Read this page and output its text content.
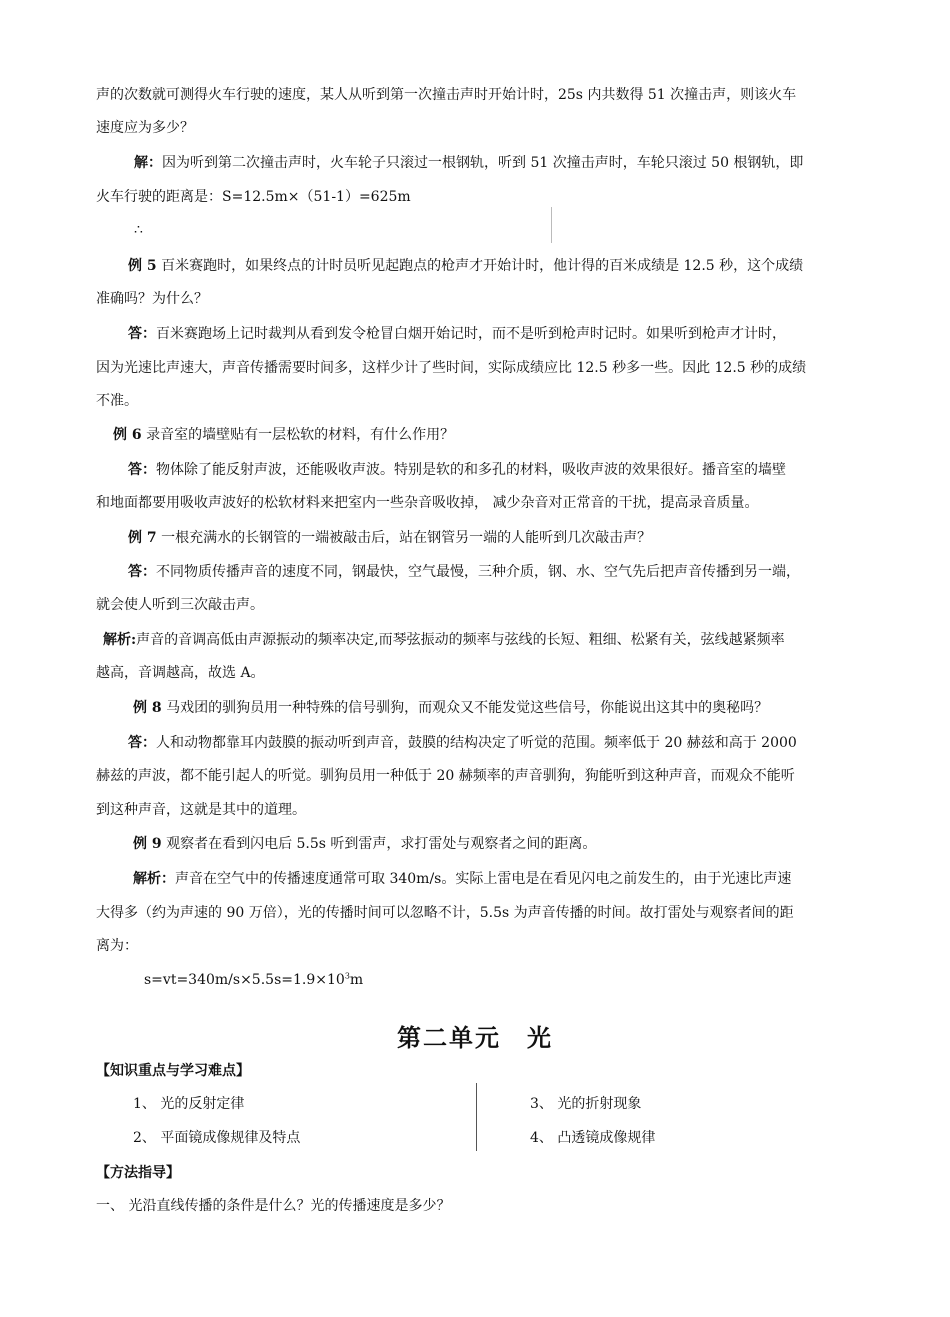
声的次数就可测得火车行驶的速度，某人从听到第一次撞击声时开始计时，25s 内共数得 51 次撞击声，则该火车
速度应为多少？
解：因为听到第二次撞击声时，火车轮子只滚过一根钢轨，听到 51 次撞击声时，车轮只滚过 50 根钢轨，即
火车行驶的距离是：S=12.5m×（51-1）=625m
∴
例 5 百米赛跑时，如果终点的计时员听见起跑点的枪声才开始计时，他计得的百米成绩是 12.5 秒，这个成绩
准确吗？为什么？
答：百米赛跑场上记时裁判从看到发令枪冒白烟开始记时，而不是听到枪声时记时。如果听到枪声才计时，
因为光速比声速大，声音传播需要时间多，这样少计了些时间，实际成绩应比 12.5 秒多一些。因此 12.5 秒的成绩
不准。
例 6 录音室的墙壁贴有一层松软的材料，有什么作用？
答：物体除了能反射声波，还能吸收声波。特别是软的和多孔的材料，吸收声波的效果很好。播音室的墙壁
和地面都要用吸收声波好的松软材料来把室内一些杂音吸收掉， 减少杂音对正常音的干扰，提高录音质量。
例 7 一根充满水的长钢管的一端被敲击后，站在钢管另一端的人能听到几次敲击声？
答：不同物质传播声音的速度不同，钢最快，空气最慢，三种介质，钢、水、空气先后把声音传播到另一端，
就会使人听到三次敲击声。
解析:声音的音调高低由声源振动的频率决定,而琴弦振动的频率与弦线的长短、粗细、松紧有关，弦线越紧频率
越高，音调越高，故选 A。
例 8 马戏团的驯狗员用一种特殊的信号驯狗，而观众又不能发觉这些信号，你能说出这其中的奥秘吗？
答：人和动物都靠耳内鼓膜的振动听到声音，鼓膜的结构决定了听觉的范围。频率低于 20 赫兹和高于 2000
赫兹的声波，都不能引起人的听觉。驯狗员用一种低于 20 赫频率的声音驯狗，狗能听到这种声音，而观众不能听
到这种声音，这就是其中的道理。
例 9 观察者在看到闪电后 5.5s 听到雷声，求打雷处与观察者之间的距离。
解析：声音在空气中的传播速度通常可取 340m/s。实际上雷电是在看见闪电之前发生的，由于光速比声速
大得多（约为声速的 90 万倍），光的传播时间可以忽略不计，5.5s 为声音传播的时间。故打雷处与观察者间的距
离为：
$s=vt=340m/s\times 5.5s=1.9\times 10^3m$
第二单元　光
【知识重点与学习难点】
1、 光的反射定律
2、 平面镜成像规律及特点
3、 光的折射现象
4、 凸透镜成像规律
【方法指导】
一、 光沿直线传播的条件是什么？光的传播速度是多少？
